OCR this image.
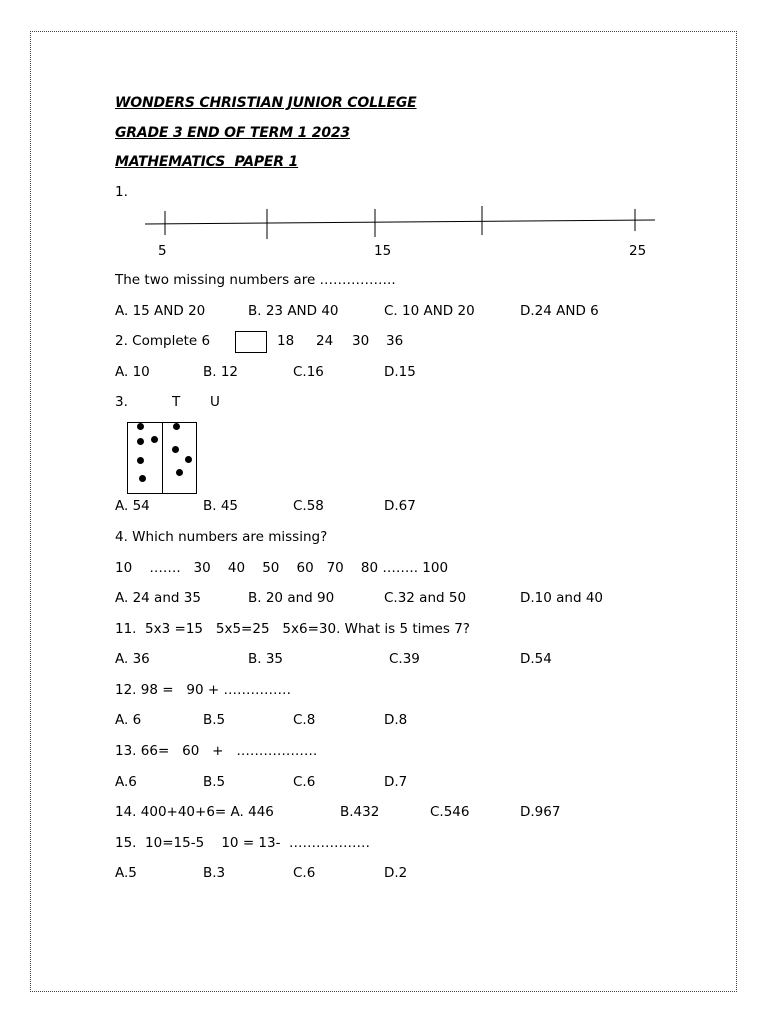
WONDERS CHRISTIAN JUNIOR COLLEGE
GRADE 3 END OF TERM 1 2023
MATHEMATICS  PAPER 1
1.
5	15	25
The two missing numbers are ……………..
A. 15 AND 20	B. 23 AND 40	C. 10 AND 20	D.24 AND 6
2. Complete 6	18 24 30 36
A. 10	B. 12	C.16	D.15
3.	T U
A. 54	B. 45	C.58	D.67
4. Which numbers are missing?
10    …….   30    40    50    60   70    80 …….. 100
A. 24 and 35	B. 20 and 90	C.32 and 50	D.10 and 40
11.  5x3 =15   5x5=25   5x6=30. What is 5 times 7?
A. 36	B. 35	C.39	D.54
12. 98 =   90 + ……………
A. 6	B.5	C.8	D.8
13. 66=   60   +   ………………
A.6	B.5	C.6	D.7
14. 400+40+6= A. 446	B.432	C.546	D.967
15.  10=15-5    10 = 13-  ………………
A.5	B.3	C.6	D.2
